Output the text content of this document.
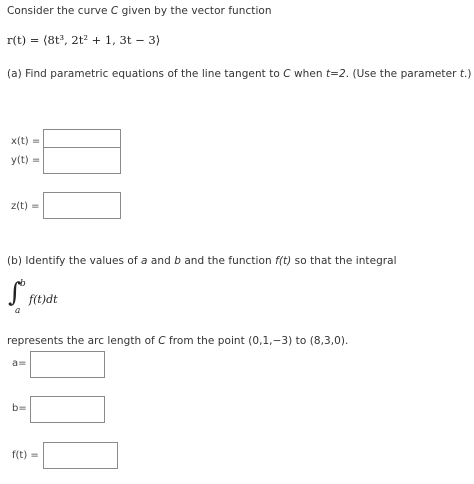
Consider the curve C given by the vector function
r(t) = ⟨8t³, 2t² + 1, 3t − 3⟩
(a) Find parametric equations of the line tangent to C when t=2. (Use the parameter t.)
x(t) =
y(t) =
z(t) =
(b) Identify the values of a and b and the function f(t) so that the integral
∫
b
a
f(t)dt
represents the arc length of C from the point (0,1,−3) to (8,3,0).
a=
b=
f(t) =
